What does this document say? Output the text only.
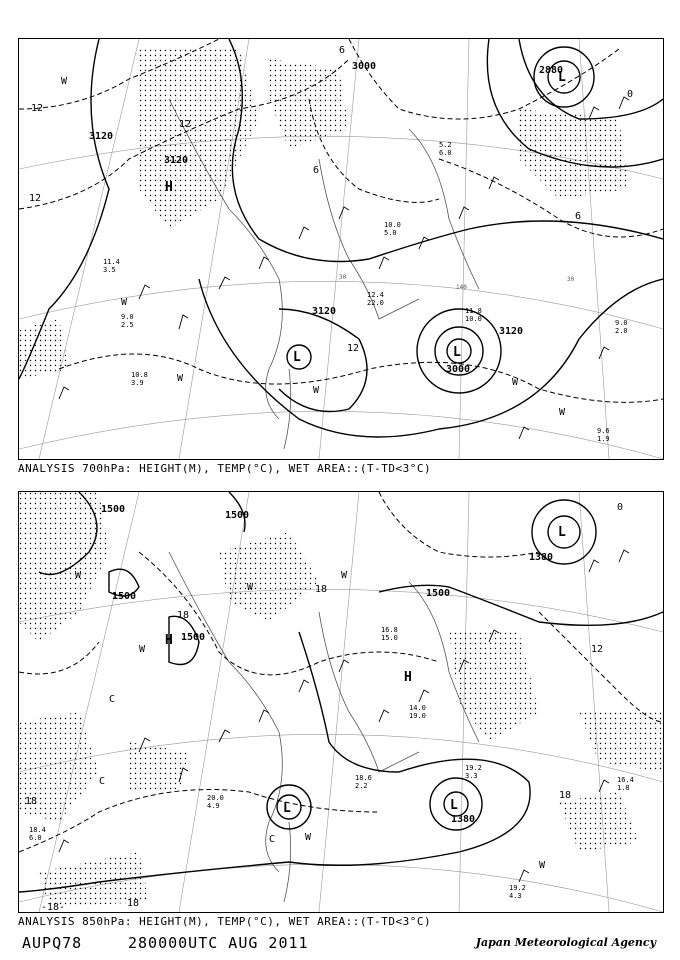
3000	2880
3120
3120
3120
3000
3120
12
12
12
12
6
6
0
6
L
L
L
H
W
W
W
W
W
W
11.4
3.5
9.0
2.5
10.8
3.9
9.6
1.9
9.0
2.0
11.8
10.0
12.4
22.0
5.2
6.0
10.0
5.0
30	30
140
ANALYSIS 700hPa: HEIGHT(M), TEMP(°C), WET AREA::(T-TD<3°C)
1500
1500
1500
1500
1500
1380
1380
18
18
18
18
12
0
-18-	18
L
L
L
H
H
W
W
W
W
C
C
C	W
W
19.2
4.3
16.4
1.8
18.4
6.0
19.2
3.3
18.6
2.2
20.0
4.9
16.8
15.0
14.0
19.0
ANALYSIS 850hPa: HEIGHT(M), TEMP(°C), WET AREA::(T-TD<3°C)
AUPQ78	280000UTC AUG 2011	Japan Meteorological Agency
